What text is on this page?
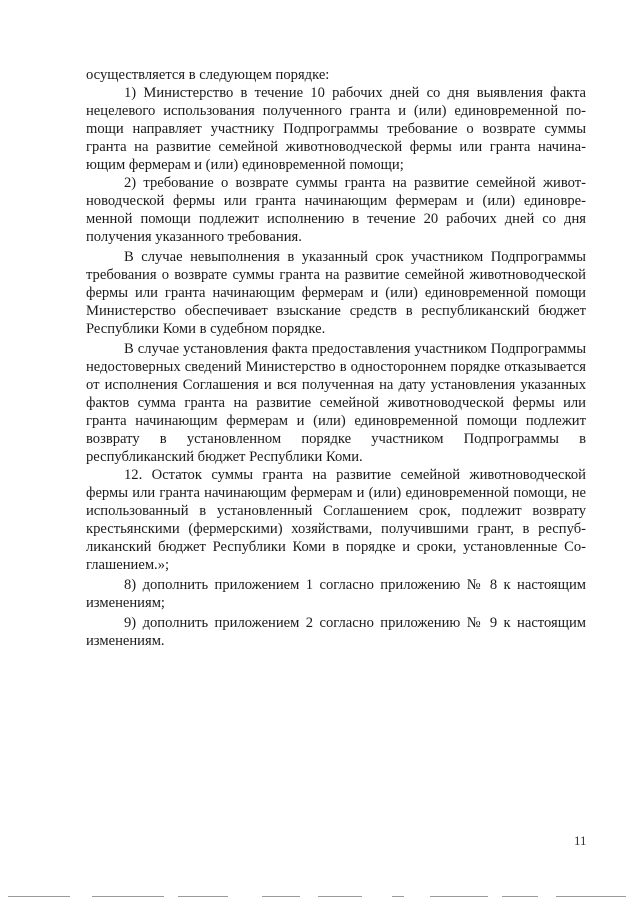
осуществляется в следующем порядке:

1) Министерство в течение 10 рабочих дней со дня выявления факта нецелевого использования полученного гранта и (или) единовременной поmощи направляет участнику Подпрограммы требование о возврате суммы гранта на развитие семейной животноводческой фермы или гранта начинающим фермерам и (или) единовременной помощи;

2) требование о возврате суммы гранта на развитие семейной животноводческой фермы или гранта начинающим фермерам и (или) единовременной помощи подлежит исполнению в течение 20 рабочих дней со дня получения указанного требования.

В случае невыполнения в указанный срок участником Подпрограммы требования о возврате суммы гранта на развитие семейной животноводческой фермы или гранта начинающим фермерам и (или) единовременной помощи Министерство обеспечивает взыскание средств в республиканский бюджет Республики Коми в судебном порядке.

В случае установления факта предоставления участником Подпрограммы недостоверных сведений Министерство в одностороннем порядке отказывается от исполнения Соглашения и вся полученная на дату установления указанных фактов сумма гранта на развитие семейной животноводческой фермы или гранта начинающим фермерам и (или) единовременной помощи подлежит возврату в установленном порядке участником Подпрограммы в республиканский бюджет Республики Коми.

12. Остаток суммы гранта на развитие семейной животноводческой фермы или гранта начинающим фермерам и (или) единовременной помощи, не использованный в установленный Соглашением срок, подлежит возврату крестьянскими (фермерскими) хозяйствами, получившими грант, в республиканский бюджет Республики Коми в порядке и сроки, установленные Соглашением.»;

8) дополнить приложением 1 согласно приложению № 8 к настоящим изменениям;

9) дополнить приложением 2 согласно приложению № 9 к настоящим изменениям.

11
